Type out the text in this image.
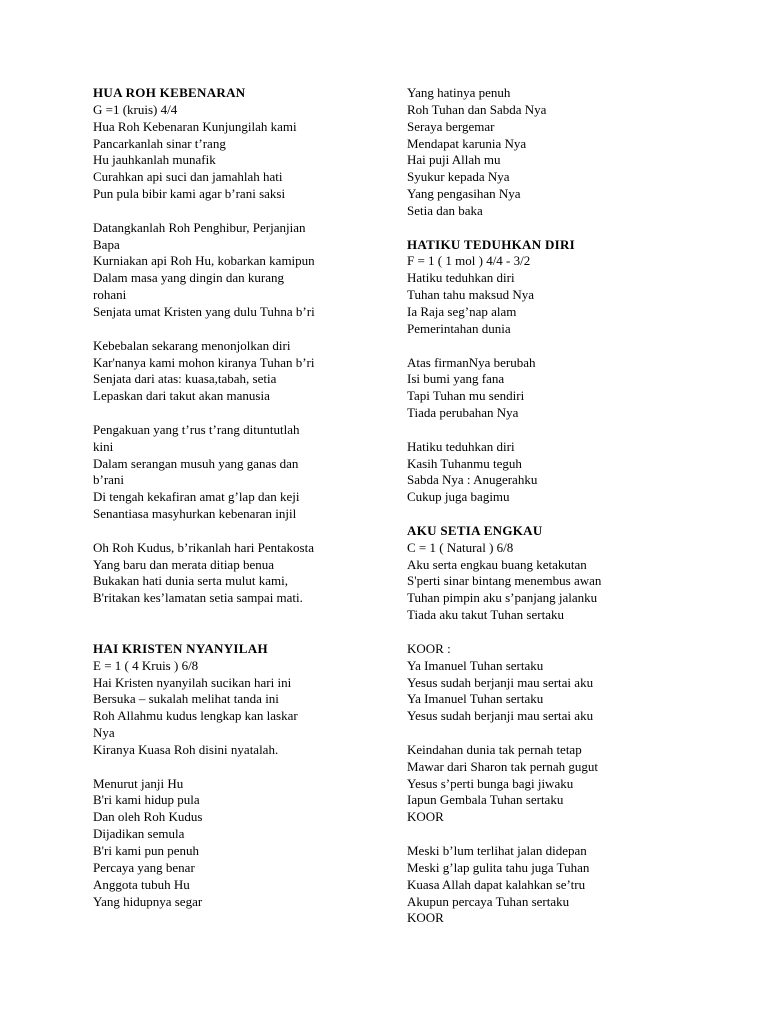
HUA ROH KEBENARAN
G =1 (kruis) 4/4
Hua Roh Kebenaran Kunjungilah kami
Pancarkanlah sinar t’rang
Hu jauhkanlah munafik
Curahkan api suci dan jamahlah hati
Pun pula bibir kami agar b’rani saksi
Datangkanlah Roh Penghibur, Perjanjian
Bapa
Kurniakan api Roh Hu, kobarkan kamipun
Dalam masa yang dingin dan kurang
rohani
Senjata umat Kristen yang dulu Tuhna b’ri
Kebebalan sekarang menonjolkan diri
Kar'nanya kami mohon kiranya Tuhan b’ri
Senjata dari atas: kuasa,tabah, setia
Lepaskan dari takut akan manusia
Pengakuan yang t’rus t’rang dituntutlah
kini
Dalam serangan musuh yang ganas dan
b’rani
Di tengah kekafiran amat g’lap dan keji
Senantiasa masyhurkan kebenaran injil
Oh Roh Kudus, b’rikanlah hari Pentakosta
Yang baru dan merata ditiap benua
Bukakan hati dunia serta mulut kami,
B'ritakan kes’lamatan setia sampai mati.
HAI KRISTEN NYANYILAH
E = 1 ( 4 Kruis ) 6/8
Hai Kristen nyanyilah sucikan hari ini
Bersuka – sukalah melihat tanda ini
Roh Allahmu kudus lengkap kan laskar
Nya
Kiranya Kuasa Roh disini nyatalah.
Menurut janji Hu
B'ri kami hidup pula
Dan oleh Roh Kudus
Dijadikan semula
B'ri kami pun penuh
Percaya yang benar
Anggota tubuh Hu
Yang hidupnya segar
Yang hatinya penuh
Roh Tuhan dan Sabda Nya
Seraya bergemar
Mendapat karunia Nya
Hai puji Allah mu
Syukur kepada Nya
Yang pengasihan Nya
Setia dan baka
HATIKU TEDUHKAN DIRI
F = 1 ( 1 mol ) 4/4 - 3/2
Hatiku teduhkan diri
Tuhan tahu maksud Nya
Ia Raja seg’nap alam
Pemerintahan dunia
Atas firmanNya berubah
Isi bumi yang fana
Tapi Tuhan mu sendiri
Tiada perubahan Nya
Hatiku teduhkan diri
Kasih Tuhanmu teguh
Sabda Nya : Anugerahku
Cukup juga bagimu
AKU SETIA ENGKAU
C = 1 ( Natural ) 6/8
Aku serta engkau buang ketakutan
S'perti sinar bintang menembus awan
Tuhan pimpin aku s’panjang jalanku
Tiada aku takut Tuhan sertaku
KOOR :
Ya Imanuel Tuhan sertaku
Yesus sudah berjanji mau sertai aku
Ya Imanuel Tuhan sertaku
Yesus sudah berjanji mau sertai aku
Keindahan dunia tak pernah tetap
Mawar dari Sharon tak pernah gugut
Yesus s’perti bunga bagi jiwaku
Iapun Gembala Tuhan sertaku
KOOR
Meski b’lum terlihat jalan didepan
Meski g’lap gulita tahu juga Tuhan
Kuasa Allah dapat kalahkan se’tru
Akupun percaya Tuhan sertaku
KOOR
